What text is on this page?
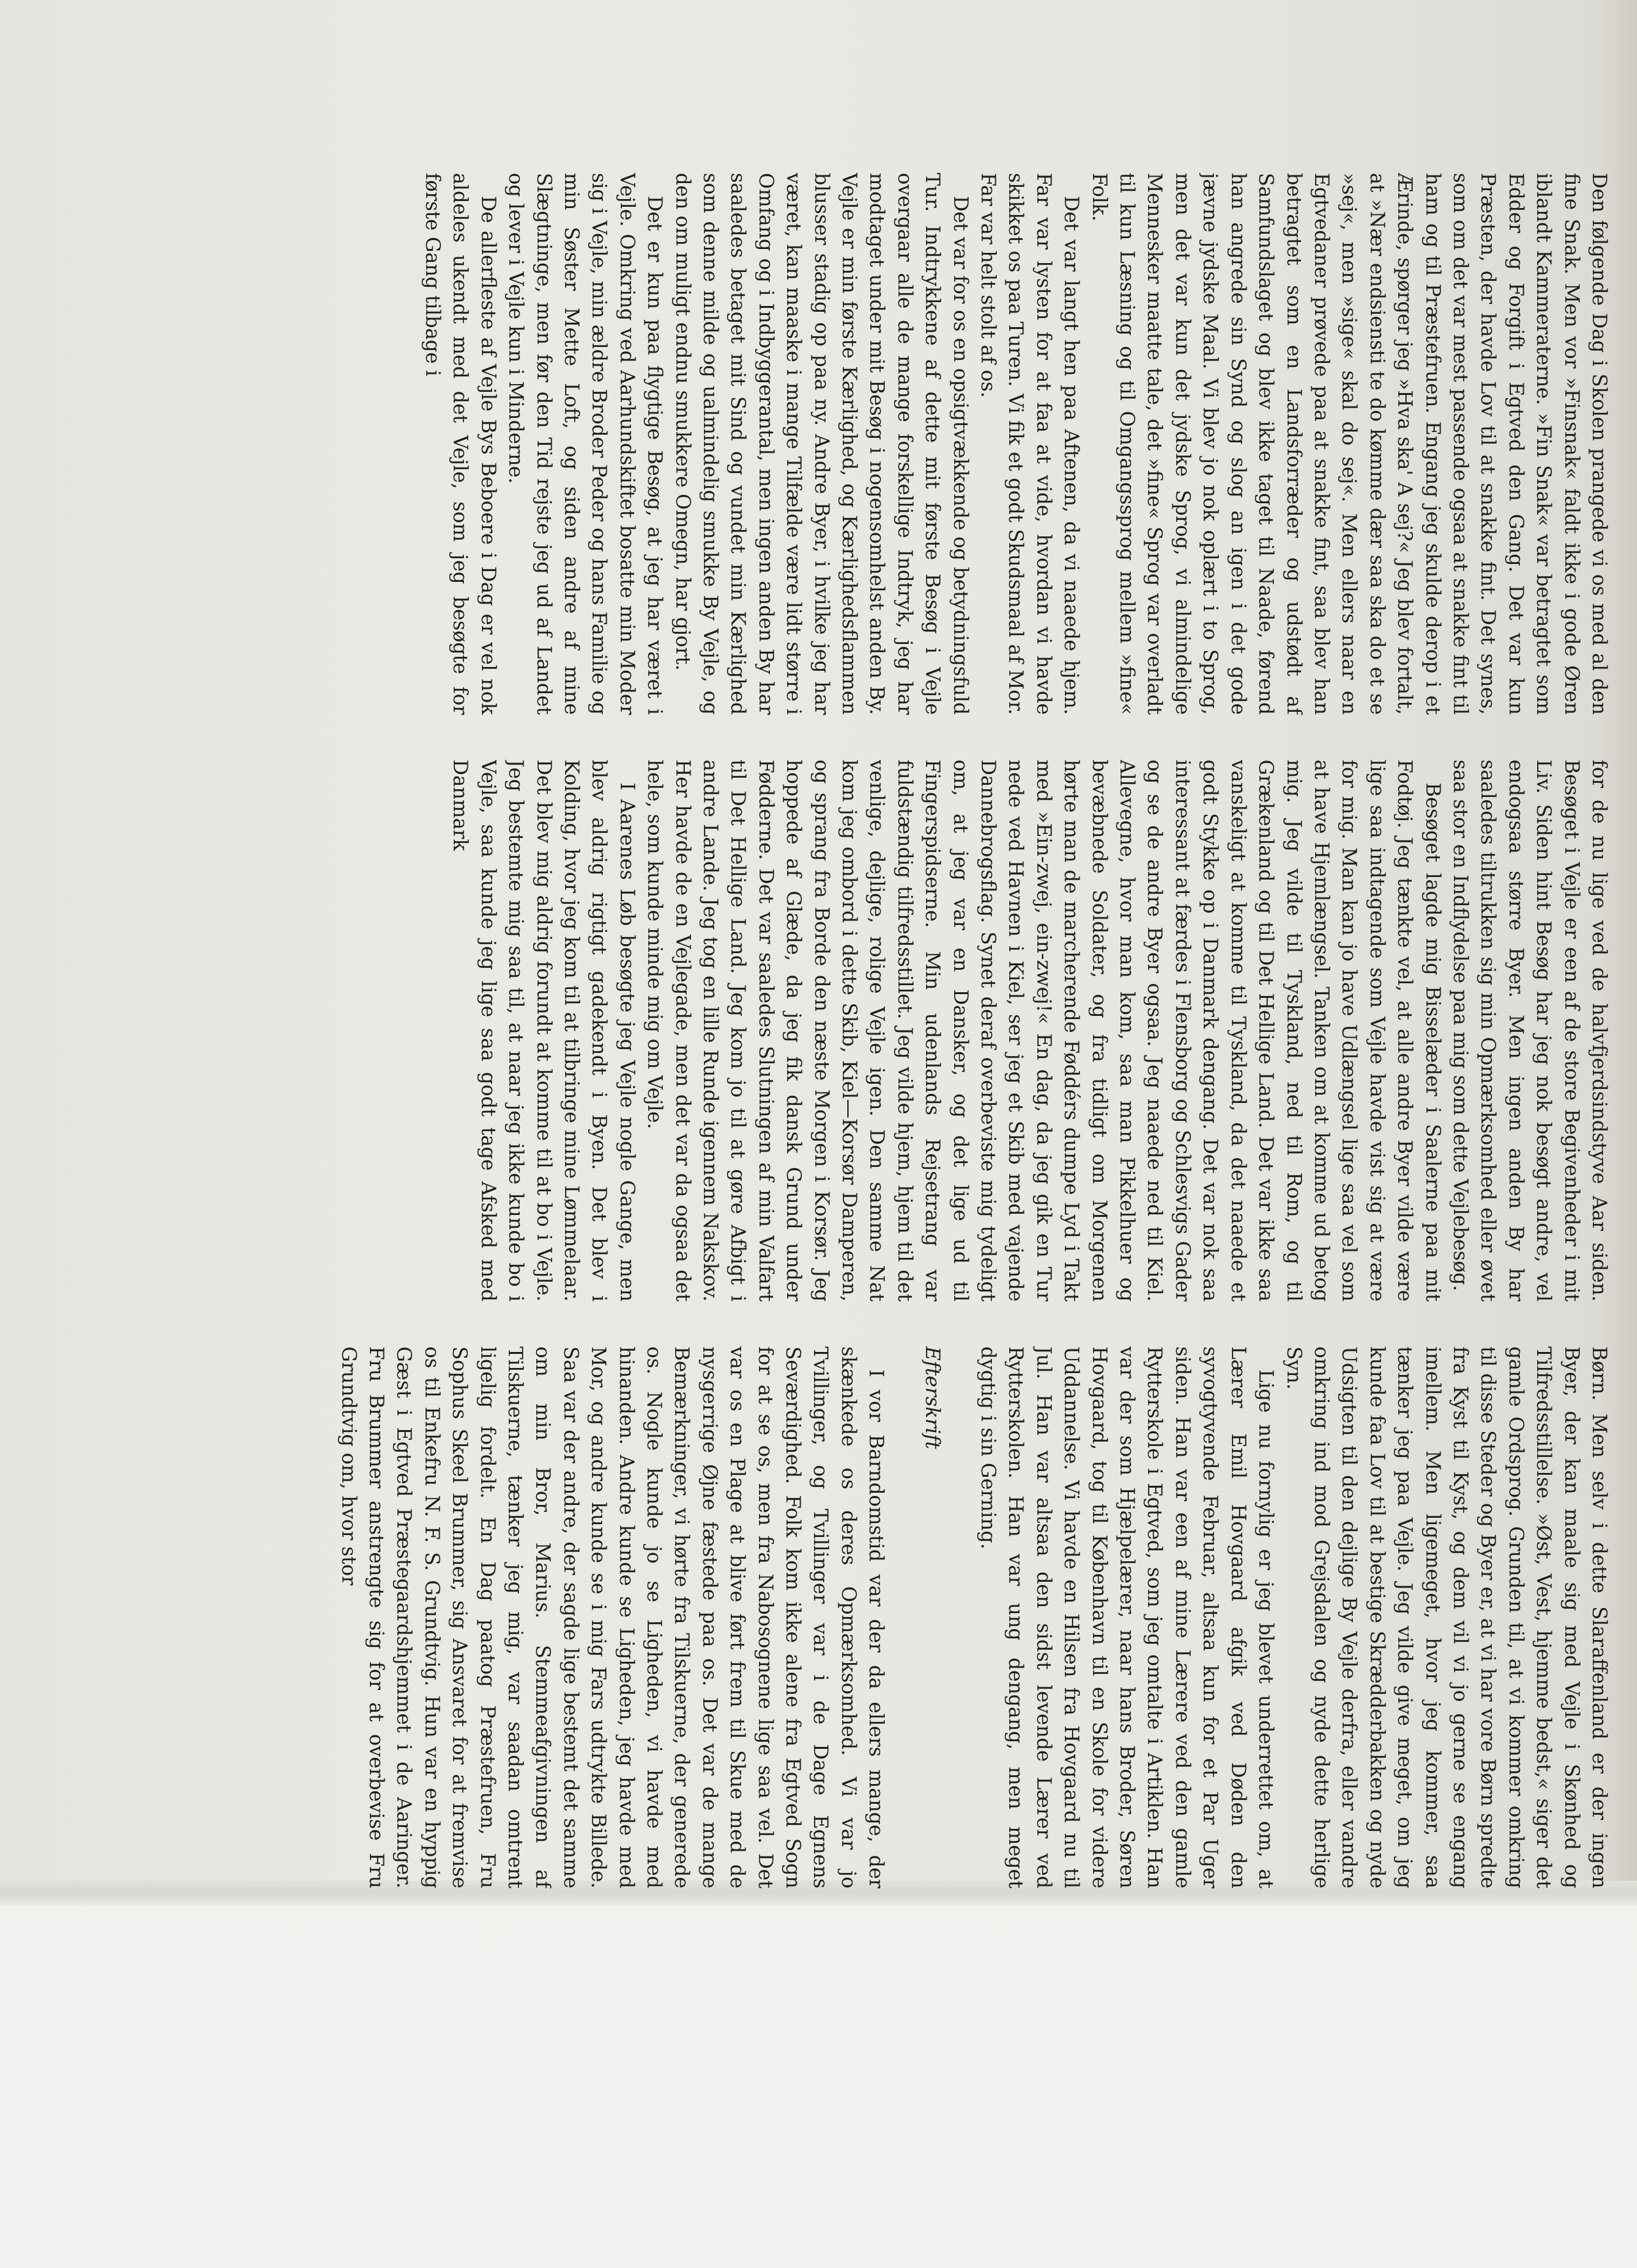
Den følgende Dag i Skolen prangede vi os med al den fine Snak. Men vor »Finsnak« faldt ikke i gode Øren iblandt Kammeraterne. »Fin Snak« var betragtet som Edder og Forgift i Egtved den Gang. Det var kun Præsten, der havde Lov til at snakke fint. Det synes, som om det var mest passende ogsaa at snakke fint til ham og til Præstefruen. Engang jeg skulde derop i et Ærinde, spørger jeg »Hva ska' A sej?« Jeg blev fortalt, at »Nær endsiensti te do kømme dær saa ska do et se »sej«, men »sige« skal do sej«. Men ellers naar en Egtvedaner prøvede paa at snakke fint, saa blev han betragtet som en Landsforræder og udstødt af Samfundslaget og blev ikke taget til Naade, førend han angrede sin Synd og slog an igen i det gode jævne jydske Maal. Vi blev jo nok oplært i to Sprog, men det var kun det jydske Sprog, vi almindelige Mennesker maatte tale, det »fine« Sprog var overladt til kun Læsning og til Omgangssprog mellem »fine« Folk.

Det var langt hen paa Aftenen, da vi naaede hjem. Far var lysten for at faa at vide, hvordan vi havde skikket os paa Turen. Vi fik et godt Skudsmaal af Mor. Far var helt stolt af os.

Det var for os en opsigtvækkende og betydningsfuld Tur. Indtrykkene af dette mit første Besøg i Vejle overgaar alle de mange forskellige Indtryk, jeg har modtaget under mit Besøg i nogensomhelst anden By. Vejle er min første Kærlighed, og Kærlighedsflammen blusser stadig op paa ny. Andre Byer, i hvilke jeg har været, kan maaske i mange Tilfælde være lidt større i Omfang og i Indbyggerantal, men ingen anden By har saaledes betaget mit Sind og vundet min Kærlighed som denne milde og ualmindelig smukke By Vejle, og den om muligt endnu smukkere Omegn, har gjort.

Det er kun paa flygtige Besøg, at jeg har været i Vejle. Omkring ved Aarhundskiftet bosatte min Moder sig i Vejle, min ældre Broder Peder og hans Familie og min Søster Mette Loft, og siden andre af mine Slægtninge, men før den Tid rejste jeg ud af Landet og lever i Vejle kun i Minderne.

De allerfleste af Vejle Bys Beboere i Dag er vel nok aldeles ukendt med det Vejle, som jeg besøgte for første Gang tilbage i

for de nu lige ved de halvfjerdsindstyve Aar siden. Besøget i Vejle er een af de store Begivenheder i mit Liv. Siden hint Besøg har jeg nok besøgt andre, vel endogsaa større Byer. Men ingen anden By har saaledes tiltrukken sig min Opmærksomhed eller øvet saa stor en Indflydelse paa mig som dette Vejlebesøg.

Besøget lagde mig Bisselæder i Saalerne paa mit Fodtøj. Jeg tænkte vel, at alle andre Byer vilde være lige saa indtagende som Vejle havde vist sig at være for mig. Man kan jo have Udlængsel lige saa vel som at have Hjemlængsel. Tanken om at komme ud betog mig. Jeg vilde til Tyskland, ned til Rom, og til Grækenland og til Det Hellige Land. Det var ikke saa vanskeligt at komme til Tyskland, da det naaede et godt Stykke op i Danmark dengang. Det var nok saa interessant at færdes i Flensborg og Schlesvigs Gader og se de andre Byer ogsaa. Jeg naaede ned til Kiel. Allevegne, hvor man kom, saa man Pikkelhuer og bevæbnede Soldater, og fra tidligt om Morgenen hørte man de marcherende Føddérs dumpe Lyd i Takt med »Ein-zwej, ein-zwej!« En dag, da jeg gik en Tur nede ved Havnen i Kiel, ser jeg et Skib med vajende Dannebrogsflag. Synet deraf overbeviste mig tydeligt om, at jeg var en Dansker, og det lige ud til Fingerspidserne. Min udenlands Rejsetrang var fuldstændig tilfredsstillet. Jeg vilde hjem, hjem til det venlige, dejlige, rolige Vejle igen. Den samme Nat kom jeg ombord i dette Skib, Kiel—Korsør Damperen, og sprang fra Borde den næste Morgen i Korsør. Jeg hoppede af Glæde, da jeg fik dansk Grund under Fødderne. Det var saaledes Slutningen af min Valfart til Det Hellige Land. Jeg kom jo til at gøre Afbigt i andre Lande. Jeg tog en lille Runde igennem Nakskov. Her havde de en Vejlegade, men det var da ogsaa det hele, som kunde minde mig om Vejle.

I Aarenes Løb besøgte jeg Vejle nogle Gange, men blev aldrig rigtigt gadekendt i Byen. Det blev i Kolding, hvor jeg kom til at tilbringe mine Lømmelaar. Det blev mig aldrig forundt at komme til at bo i Vejle. Jeg bestemte mig saa til, at naar jeg ikke kunde bo i Vejle, saa kunde jeg lige saa godt tage Afsked med Danmark

Børn. Men selv i dette Slaraffenland er der ingen Byer, der kan maale sig med Vejle i Skønhed og Tilfredsstillelse. »Øst, Vest, hjemme bedst,« siger det gamle Ordsprog. Grunden til, at vi kommer omkring til disse Steder og Byer er, at vi har vore Børn spredte fra Kyst til Kyst, og dem vil vi jo gerne se engang imellem. Men ligemeget, hvor jeg kommer, saa tænker jeg paa Vejle. Jeg vilde give meget, om jeg kunde faa Lov til at bestige Skrædderbakken og nyde Udsigten til den dejlige By Vejle derfra, eller vandre omkring ind mod Grejsdalen og nyde dette herlige Syn.

Lige nu fornylig er jeg blevet underrettet om, at Lærer Emil Hovgaard afgik ved Døden den syvogtyvende Februar, altsaa kun for et Par Uger siden. Han var een af mine Lærere ved den gamle Rytterskole i Egtved, som jeg omtalte i Artiklen. Han var der som Hjælpelærer, naar hans Broder, Søren Hovgaard, tog til København til en Skole for videre Uddannelse. Vi havde en Hilsen fra Hovgaard nu til Jul. Han var altsaa den sidst levende Lærer ved Rytterskolen. Han var ung dengang, men meget dygtig i sin Gerning.

Efterskrift

I vor Barndomstid var der da ellers mange, der skænkede os deres Opmærksomhed. Vi var jo Tvillinger, og Tvillinger var i de Dage Egnens Seværdighed. Folk kom ikke alene fra Egtved Sogn for at se os, men fra Nabosognene lige saa vel. Det var os en Plage at blive ført frem til Skue med de nysgerrige Øjne fæstede paa os. Det var de mange Bemærkninger, vi hørte fra Tilskuerne, der generede os. Nogle kunde jo se Ligheden, vi havde med hinanden. Andre kunde se Ligheden, jeg havde med Mor, og andre kunde se i mig Fars udtrykte Billede. Saa var der andre, der sagde lige bestemt det samme om min Bror, Marius. Stemmeafgivningen af Tilskuerne, tænker jeg mig, var saadan omtrent ligelig fordelt. En Dag paatog Præstefruen, Fru Sophus Skeel Brummer, sig Ansvaret for at fremvise os til Enkefru N. F. S. Grundtvig. Hun var en hyppig Gæst i Egtved Præstegaardshjemmet i de Aaringer. Fru Brummer anstrengte sig for at overbevise Fru Grundtvig om, hvor stor
